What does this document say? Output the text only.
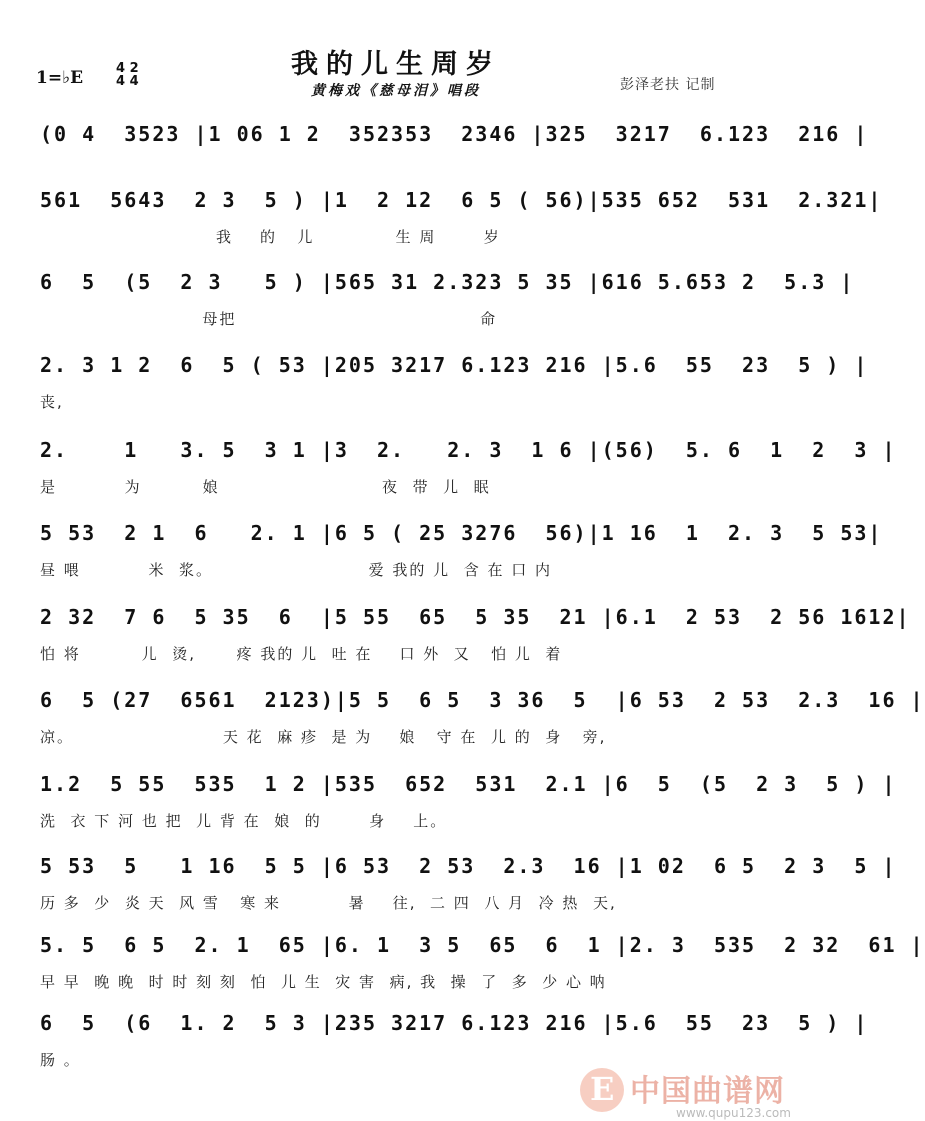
1=♭E	4 2
4 4
我的儿生周岁
黄梅戏《慈母泪》唱段	彭泽老扶 记制
(0 4  3523 |1 06 1 2  352353  2346 |325  3217  6.123  216 |
561  5643  2 3  5 ) |1  2 12  6 5 ( 56)|535 652  531  2.321|
我    的   儿            生 周       岁
6  5  (5  2 3   5 ) |565 31 2.323 5 35 |616 5.653 2  5.3 |
母把                                    命
2. 3 1 2  6  5 ( 53 |205 3217 6.123 216 |5.6  55  23  5 ) |
丧,
2.    1   3. 5  3 1 |3  2.   2. 3  1 6 |(56)  5. 6  1  2  3 |
是          为         娘                        夜  带  儿  眠
5 53  2 1  6   2. 1 |6 5 ( 25 3276  56)|1 16  1  2. 3  5 53|
昼 喂          米  浆。                       爱 我的 儿  含 在 口 内
2 32  7 6  5 35  6  |5 55  65  5 35  21 |6.1  2 53  2 56 1612|
怕 将         儿  烫,      疼 我的 儿  吐 在    口 外  又   怕 儿  着
6  5 (27  6561  2123)|5 5  6 5  3 36  5  |6 53  2 53  2.3  16 |
凉。                      天 花  麻 疹  是 为    娘   守 在  儿 的  身   旁,
1.2  5 55  535  1 2 |535  652  531  2.1 |6  5  (5  2 3  5 ) |
洗  衣 下 河 也 把  儿 背 在  娘  的       身    上。
5 53  5   1 16  5 5 |6 53  2 53  2.3  16 |1 02  6 5  2 3  5 |
历 多  少  炎 天  风 雪   寒 来          暑    往,  二 四  八 月  冷 热  天,
5. 5  6 5  2. 1  65 |6. 1  3 5  65  6  1 |2. 3  535  2 32  61 |
早 早  晚 晚  时 时 刻 刻  怕  儿 生  灾 害  病, 我  操  了  多  少 心 呐
6  5  (6  1. 2  5 3 |235 3217 6.123 216 |5.6  55  23  5 ) |
肠 。
E 中国曲谱网
www.qupu123.com
